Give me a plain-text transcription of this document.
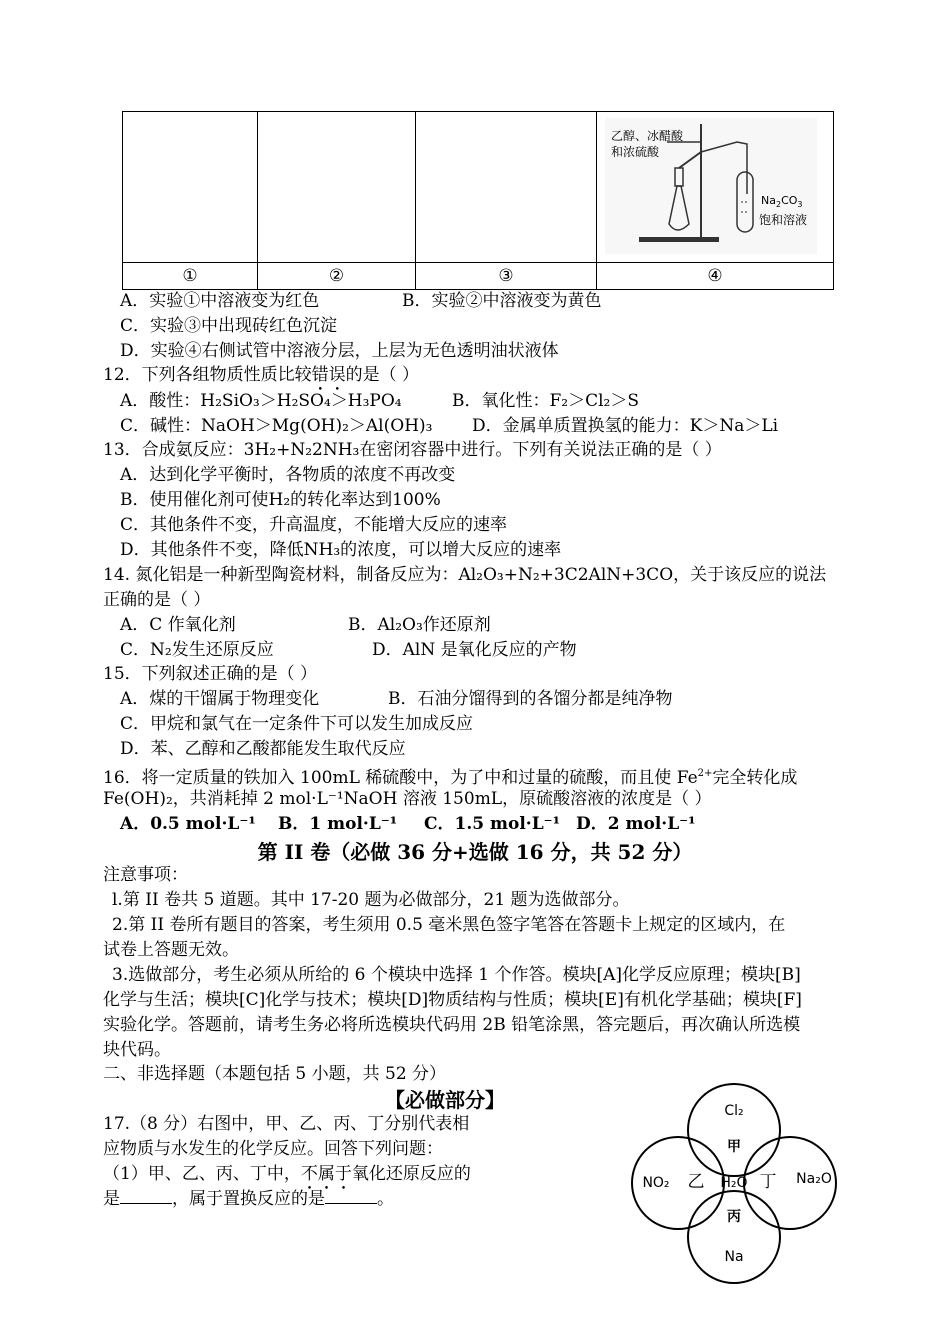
乙醇、冰醋酸
和浓硫酸
$Na_2CO_3$
饱和溶液

①	②	③	④
A．实验①中溶液变为红色	B．实验②中溶液变为黄色
C．实验③中出现砖红色沉淀
D．实验④右侧试管中溶液分层，上层为无色透明油状液体
12．下列各组物质性质比较错误的是（ ）
A．酸性：H₂SiO₃＞H₂SO₄＞H₃PO₄	B．氧化性：F₂＞Cl₂＞S
C．碱性：NaOH＞Mg(OH)₂＞Al(OH)₃ D．金属单质置换氢的能力：K＞Na＞Li
13．合成氨反应：3H₂+N₂2NH₃在密闭容器中进行。下列有关说法正确的是（ ）
A．达到化学平衡时，各物质的浓度不再改变
B．使用催化剂可使H₂的转化率达到100%
C．其他条件不变，升高温度，不能增大反应的速率
D．其他条件不变，降低NH₃的浓度，可以增大反应的速率
14. 氮化铝是一种新型陶瓷材料，制备反应为：Al₂O₃+N₂+3C2AlN+3CO，关于该反应的说法
正确的是（ ）
A．C 作氧化剂	B．Al₂O₃作还原剂
C．N₂发生还原反应	D．AlN 是氧化反应的产物
15．下列叙述正确的是（ ）
A．煤的干馏属于物理变化	B．石油分馏得到的各馏分都是纯净物
C．甲烷和氯气在一定条件下可以发生加成反应
D．苯、乙醇和乙酸都能发生取代反应
16．将一定质量的铁加入 100mL 稀硫酸中，为了中和过量的硫酸，而且使 $Fe^{2+}$完全转化成
Fe(OH)₂，共消耗掉 2 mol·L⁻¹NaOH 溶液 150mL，原硫酸溶液的浓度是（ ）
A．0.5 mol·L⁻¹ B．1 mol·L⁻¹ C．1.5 mol·L⁻¹ D．2 mol·L⁻¹
第 II 卷（必做 36 分+选做 16 分，共 52 分）
注意事项：
l.第 II 卷共 5 道题。其中 17-20 题为必做部分，21 题为选做部分。
2.第 II 卷所有题目的答案，考生须用 0.5 毫米黑色签字笔答在答题卡上规定的区域内，在
试卷上答题无效。
3.选做部分，考生必须从所给的 6 个模块中选择 1 个作答。模块[A]化学反应原理；模块[B]
化学与生活；模块[C]化学与技术；模块[D]物质结构与性质；模块[E]有机化学基础；模块[F]
实验化学。答题前，请考生务必将所选模块代码用 2B 铅笔涂黑，答完题后，再次确认所选模
块代码。
二、非选择题（本题包括 5 小题，共 52 分）
【必做部分】
17.（8 分）右图中，甲、乙、丙、丁分别代表相
应物质与水发生的化学反应。回答下列问题：
（1）甲、乙、丙、丁中，不属于氧化还原反应的
是	，属于置换反应的是	。
Cl₂
NO₂	Na₂O
Na
H₂O
甲
乙	丁
丙
